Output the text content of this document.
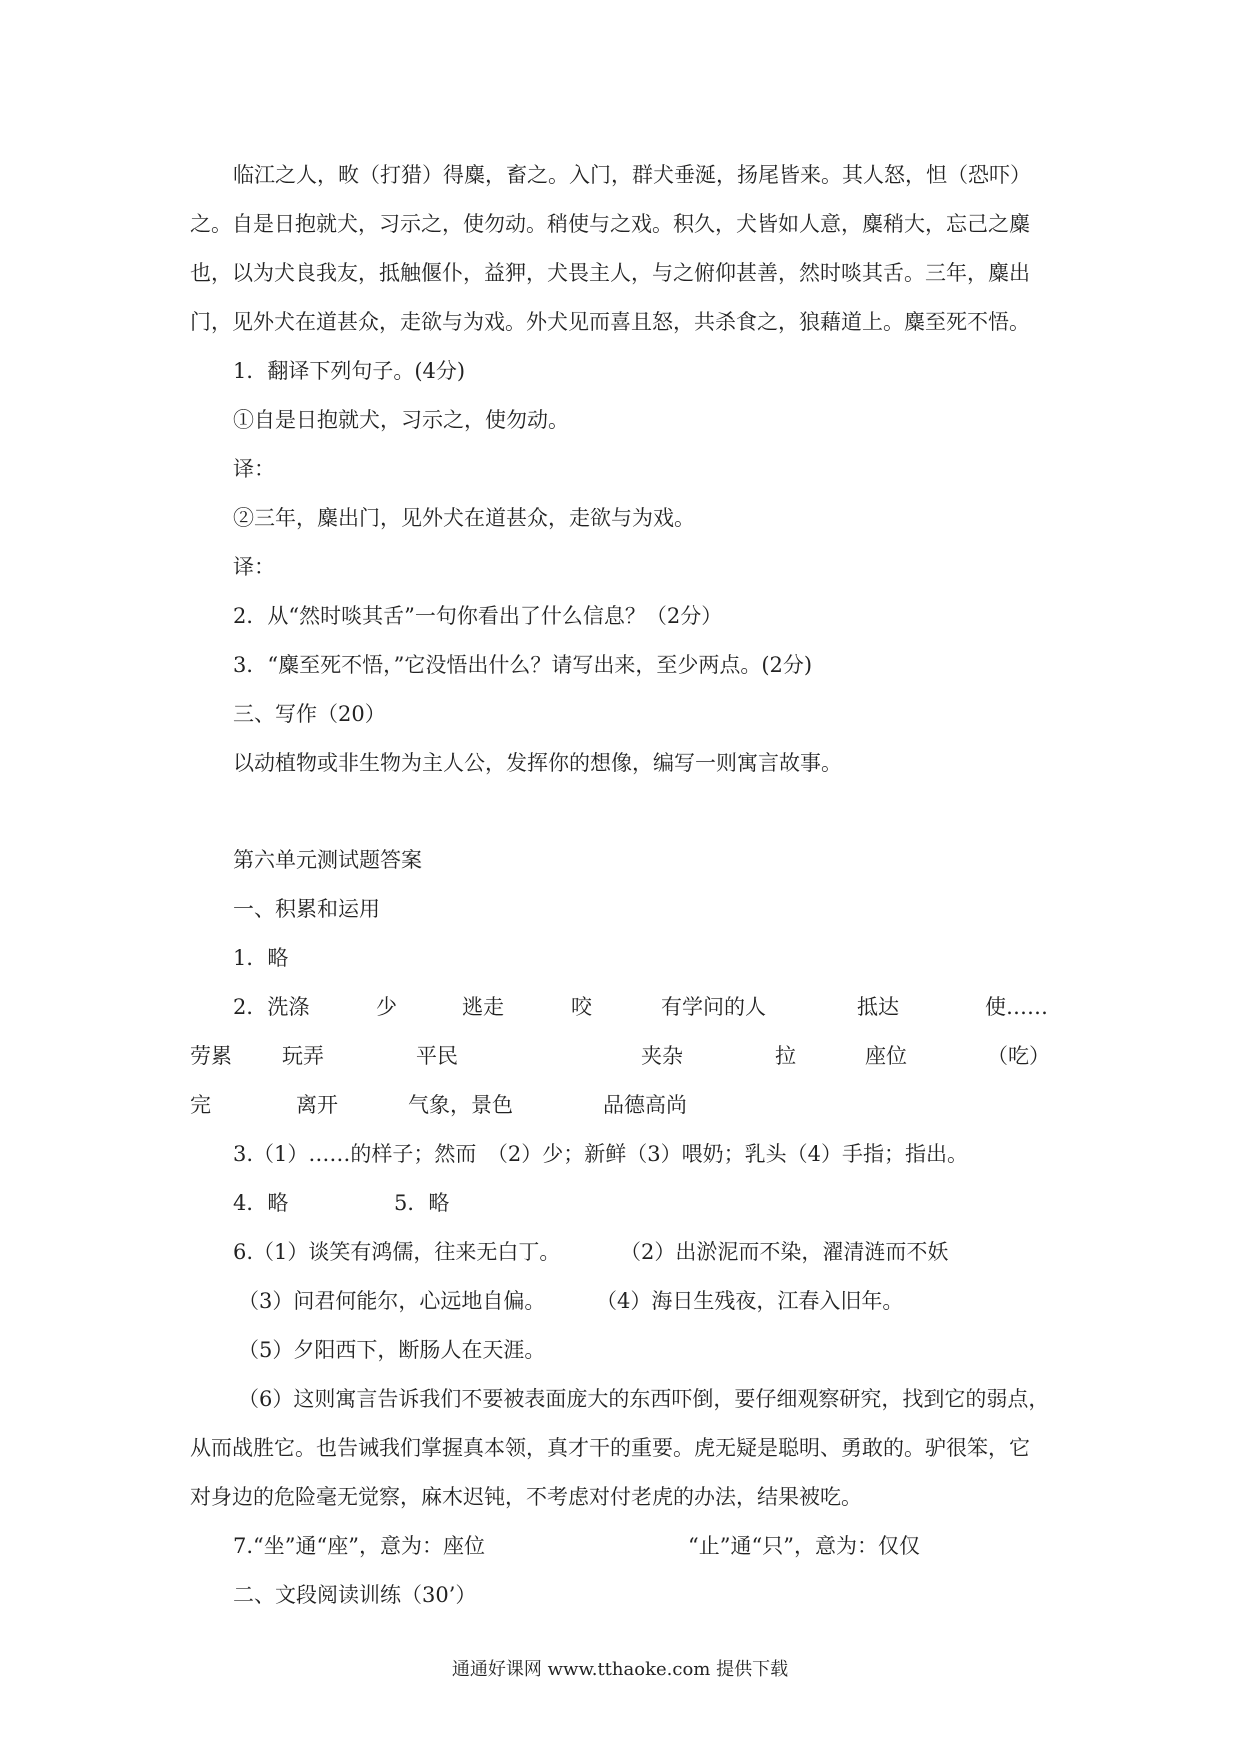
临江之人，畋（打猎）得麋，畜之。入门，群犬垂涎，扬尾皆来。其人怒，怛（恐吓）
之。自是日抱就犬，习示之，使勿动。稍使与之戏。积久，犬皆如人意，麋稍大，忘己之麋
也，以为犬良我友，抵触偃仆，益狎，犬畏主人，与之俯仰甚善，然时啖其舌。三年，麋出
门，见外犬在道甚众，走欲与为戏。外犬见而喜且怒，共杀食之，狼藉道上。麋至死不悟。
1．翻译下列句子。(4分)
①自是日抱就犬，习示之，使勿动。
译：
②三年，麋出门，见外犬在道甚众，走欲与为戏。
译：
2．从“然时啖其舌”一句你看出了什么信息？（2分）
3．“麋至死不悟，”它没悟出什么？请写出来，至少两点。(2分)
三、写作（20）
以动植物或非生物为主人公，发挥你的想像，编写一则寓言故事。
第六单元测试题答案
一、积累和运用
1．略
2．洗涤	少	逃走	咬	有学问的人	抵达	使……
劳累 玩弄	平民	夹杂	拉	座位	（吃）
完	离开	气象，景色	品德高尚
3.（1）……的样子；然而　（2）少；新鲜（3）喂奶；乳头（4）手指；指出。
4．略	5．略
6.（1）谈笑有鸿儒，往来无白丁。	（2）出淤泥而不染，濯清涟而不妖
（3）问君何能尔，心远地自偏。 （4）海日生残夜，江春入旧年。
（5）夕阳西下，断肠人在天涯。
（6）这则寓言告诉我们不要被表面庞大的东西吓倒，要仔细观察研究，找到它的弱点，
从而战胜它。也告诫我们掌握真本领，真才干的重要。虎无疑是聪明、勇敢的。驴很笨，它
对身边的危险毫无觉察，麻木迟钝，不考虑对付老虎的办法，结果被吃。
7.“坐”通“座”，意为：座位	“止”通“只”，意为：仅仅
二、文段阅读训练（30’）
通通好课网 www.tthaoke.com 提供下载
